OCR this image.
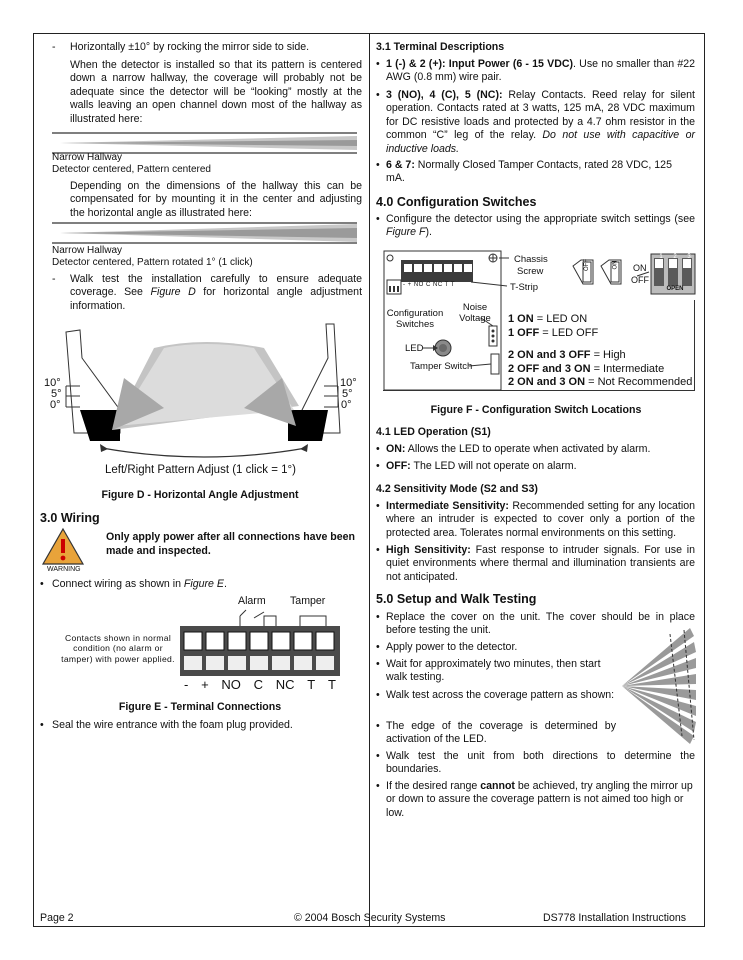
- Horizontally ±10° by rocking the mirror side to side.
When the detector is installed so that its pattern is centered down a narrow hallway, the coverage will probably not be adequate since the detector will be “looking” mostly at the walls leaving an open channel down most of the hallway as illustrated here:
Narrow Hallway
Detector centered, Pattern centered
Depending on the dimensions of the hallway this can be compensated for by mounting it in the center and adjusting the horizontal angle as illustrated here:
Narrow Hallway
Detector centered, Pattern rotated 1° (1 click)
- Walk test the installation carefully to ensure adequate coverage. See Figure D for horizontal angle adjustment information.
10°
5°
0°
10°
5°
0°
Left/Right Pattern Adjust (1 click = 1°)
Figure D - Horizontal Angle Adjustment
3.0 Wiring
WARNING
Only apply power after all connections have been made and inspected.
• Connect wiring as shown in Figure E.
Alarm Tamper
Contacts shown in normal condition (no alarm or tamper) with power applied.
- + NO C NC T T
Figure E - Terminal Connections
• Seal the wire entrance with the foam plug provided.
3.1 Terminal Descriptions
• 1 (-) & 2 (+): Input Power (6 - 15 VDC). Use no smaller than #22 AWG (0.8 mm) wire pair.
• 3 (NO), 4 (C), 5 (NC): Relay Contacts. Reed relay for silent operation. Contacts rated at 3 watts, 125 mA, 28 VDC maximum for DC resistive loads and protected by a 4.7 ohm resistor in the common “C” leg of the relay. Do not use with capacitive or inductive loads.
• 6 & 7: Normally Closed Tamper Contacts, rated 28 VDC, 125 mA.
4.0 Configuration Switches
• Configure the detector using the appropriate switch settings (see Figure F).
Chassis
Screw
T-Strip
- + NO C NC T T
Configuration
Switches
Noise
Voltage
LED
Tamper Switch
OFF	ON ON
OFF
1 2 3
OPEN
1 ON = LED ON
1 OFF = LED OFF
2 ON and 3 OFF = High
2 OFF and 3 ON = Intermediate
2 ON and 3 ON = Not Recommended
Figure F - Configuration Switch Locations
4.1 LED Operation (S1)
• ON: Allows the LED to operate when activated by alarm.
• OFF: The LED will not operate on alarm.
4.2 Sensitivity Mode (S2 and S3)
• Intermediate Sensitivity: Recommended setting for any location where an intruder is expected to cover only a portion of the protected area. Tolerates normal environments on this setting.
• High Sensitivity: Fast response to intruder signals. For use in quiet environments where thermal and illumination transients are not anticipated.
5.0 Setup and Walk Testing
• Replace the cover on the unit. The cover should be in place before testing the unit.
• Apply power to the detector.
• Wait for approximately two minutes, then start walk testing.
• Walk test across the coverage pattern as shown:
• The edge of the coverage is determined by activation of the LED.
• Walk test the unit from both directions to determine the boundaries.
• If the desired range cannot be achieved, try angling the mirror up or down to assure the coverage pattern is not aimed too high or low.
Page 2	© 2004 Bosch Security Systems	DS778 Installation Instructions
